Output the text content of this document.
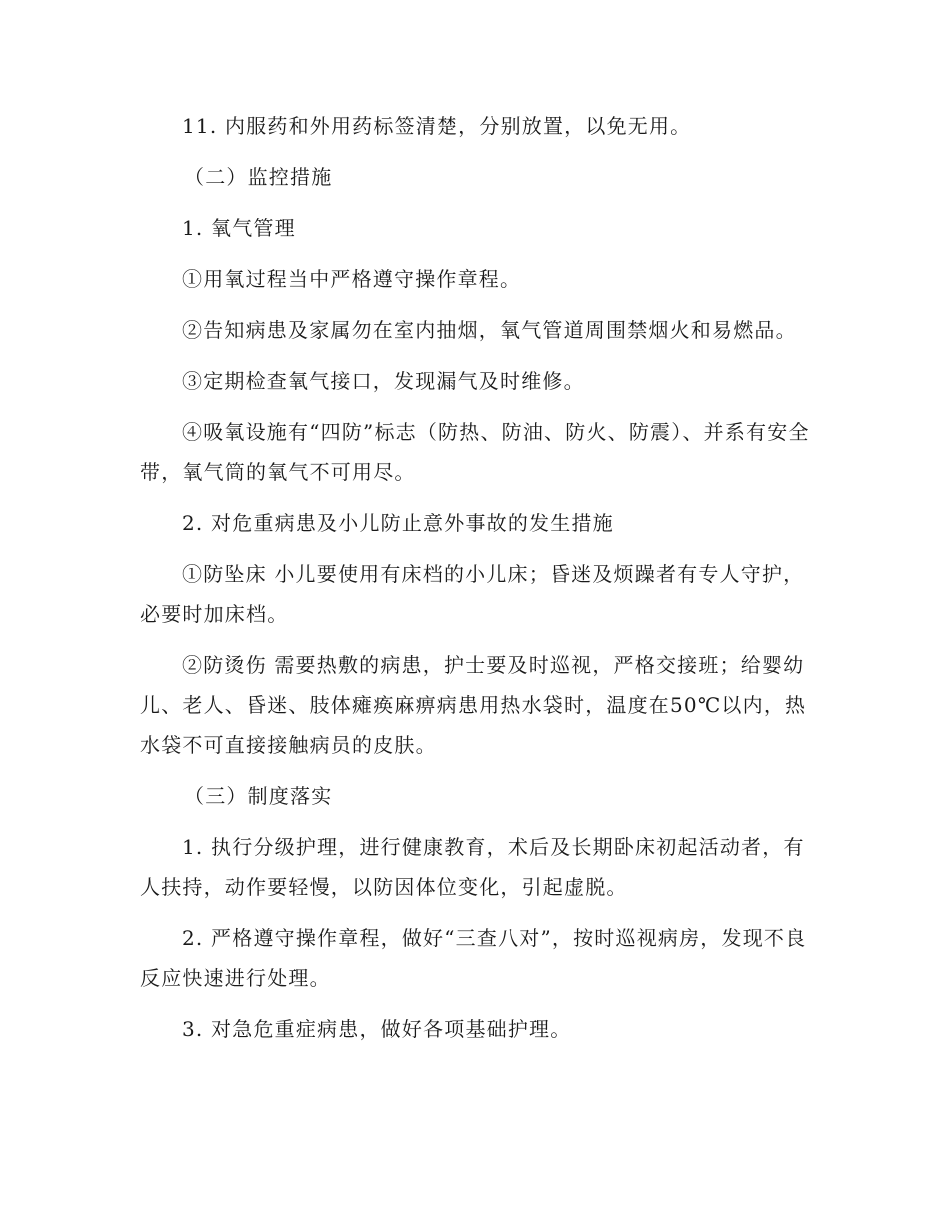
11. 内服药和外用药标签清楚，分别放置，以免无用。

（二）监控措施

1. 氧气管理

①用氧过程当中严格遵守操作章程。

②告知病患及家属勿在室内抽烟，氧气管道周围禁烟火和易燃品。

③定期检查氧气接口，发现漏气及时维修。

④吸氧设施有“四防”标志（防热、防油、防火、防震）、并系有安全带，氧气筒的氧气不可用尽。

2. 对危重病患及小儿防止意外事故的发生措施

①防坠床 小儿要使用有床档的小儿床；昏迷及烦躁者有专人守护，必要时加床档。

②防烫伤 需要热敷的病患，护士要及时巡视，严格交接班；给婴幼儿、老人、昏迷、肢体瘫痪麻痹病患用热水袋时，温度在50℃以内，热水袋不可直接接触病员的皮肤。

（三）制度落实

1. 执行分级护理，进行健康教育，术后及长期卧床初起活动者，有人扶持，动作要轻慢，以防因体位变化，引起虚脱。

2. 严格遵守操作章程，做好“三查八对”，按时巡视病房，发现不良反应快速进行处理。

3. 对急危重症病患，做好各项基础护理。
